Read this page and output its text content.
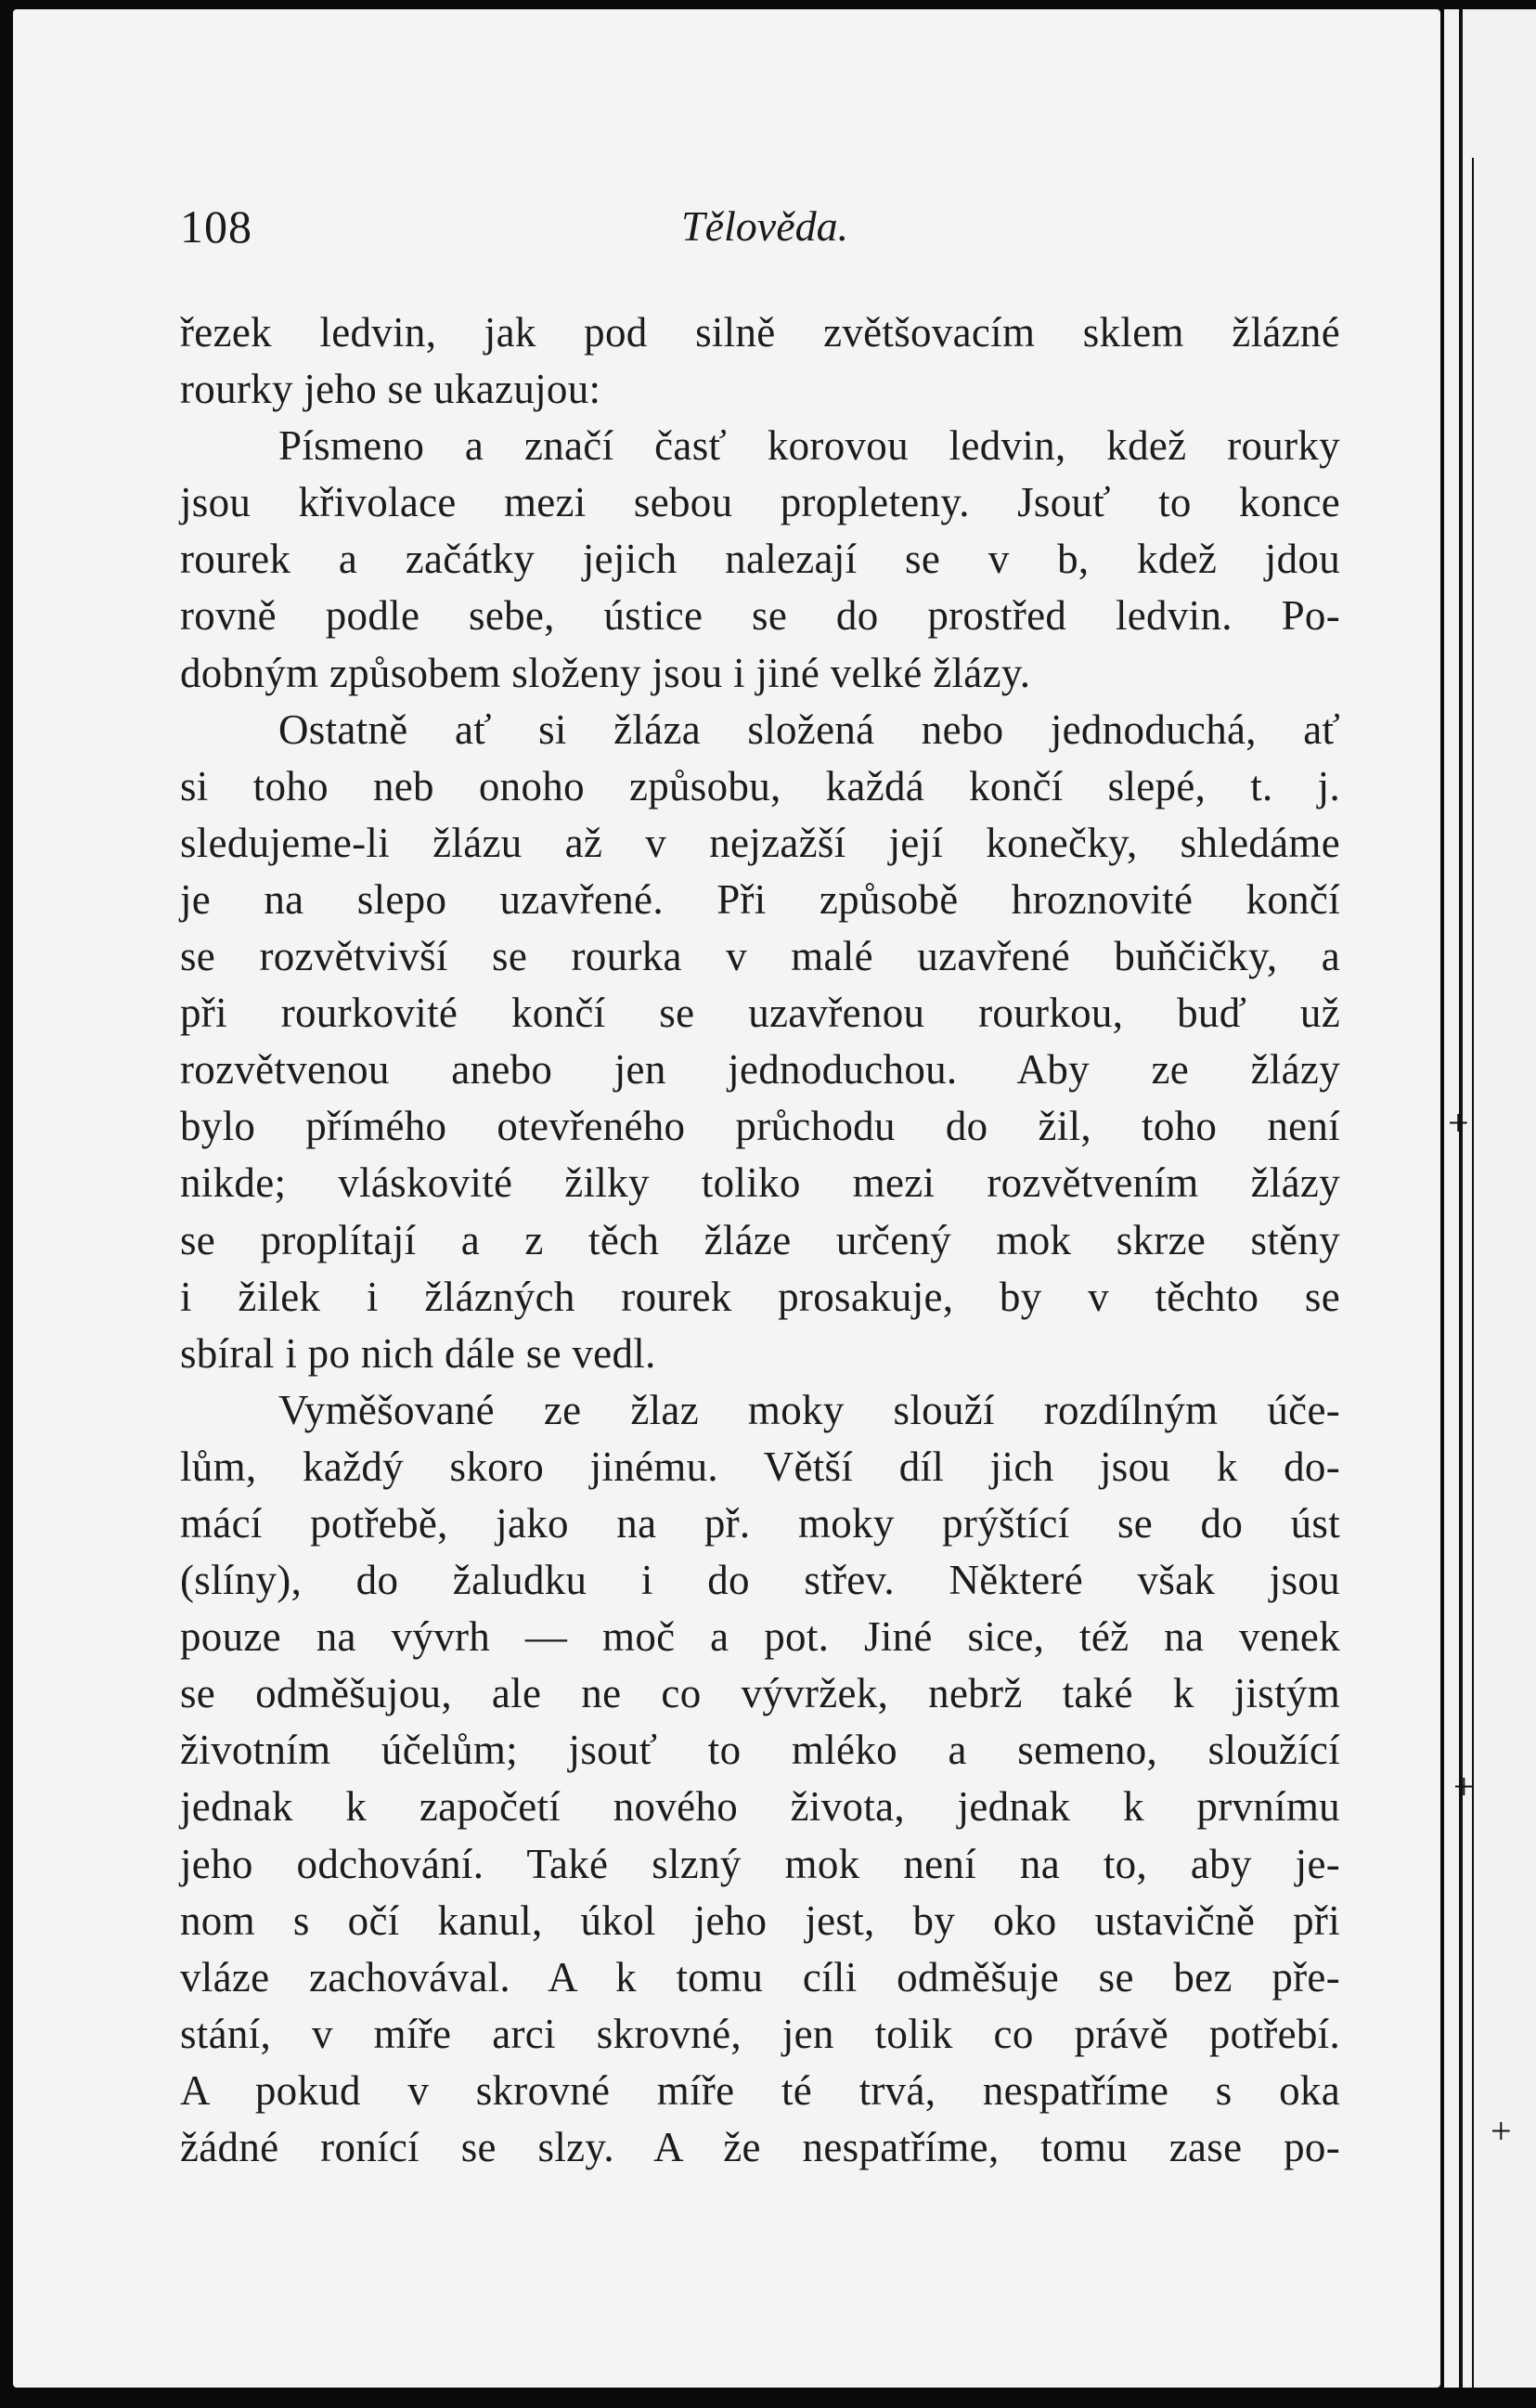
108	Tělověda.
řezek ledvin, jak pod silně zvětšovacím sklem žlázné
rourky jeho se ukazujou:
Písmeno a značí časť korovou ledvin, kdež rourky
jsou křivolace mezi sebou propleteny. Jsouť to konce
rourek a začátky jejich nalezají se v b, kdež jdou
rovně podle sebe, ústice se do prostřed ledvin. Po-
dobným způsobem složeny jsou i jiné velké žlázy.
Ostatně ať si žláza složená nebo jednoduchá, ať
si toho neb onoho způsobu, každá končí slepé, t. j.
sledujeme-li žlázu až v nejzažší její konečky, shledáme
je na slepo uzavřené. Při způsobě hroznovité končí
se rozvětvivší se rourka v malé uzavřené buňčičky, a
při rourkovité končí se uzavřenou rourkou, buď už
rozvětvenou anebo jen jednoduchou. Aby ze žlázy
bylo přímého otevřeného průchodu do žil, toho není
nikde; vláskovité žilky toliko mezi rozvětvením žlázy
se proplítají a z těch žláze určený mok skrze stěny
i žilek i žlázných rourek prosakuje, by v těchto se
sbíral i po nich dále se vedl.
Vyměšované ze žlaz moky slouží rozdílným úče-
lům, každý skoro jinému. Větší díl jich jsou k do-
mácí potřebě, jako na př. moky prýštící se do úst
(slíny), do žaludku i do střev. Některé však jsou
pouze na vývrh — moč a pot. Jiné sice, též na venek
se odměšujou, ale ne co vývržek, nebrž také k jistým
životním účelům; jsouť to mléko a semeno, sloužící
jednak k započetí nového života, jednak k prvnímu
jeho odchování. Také slzný mok není na to, aby je-
nom s očí kanul, úkol jeho jest, by oko ustavičně při
vláze zachovával. A k tomu cíli odměšuje se bez pře-
stání, v míře arci skrovné, jen tolik co právě potřebí.
A pokud v skrovné míře té trvá, nespatříme s oka
žádné ronící se slzy. A že nespatříme, tomu zase po-
+
+
+
